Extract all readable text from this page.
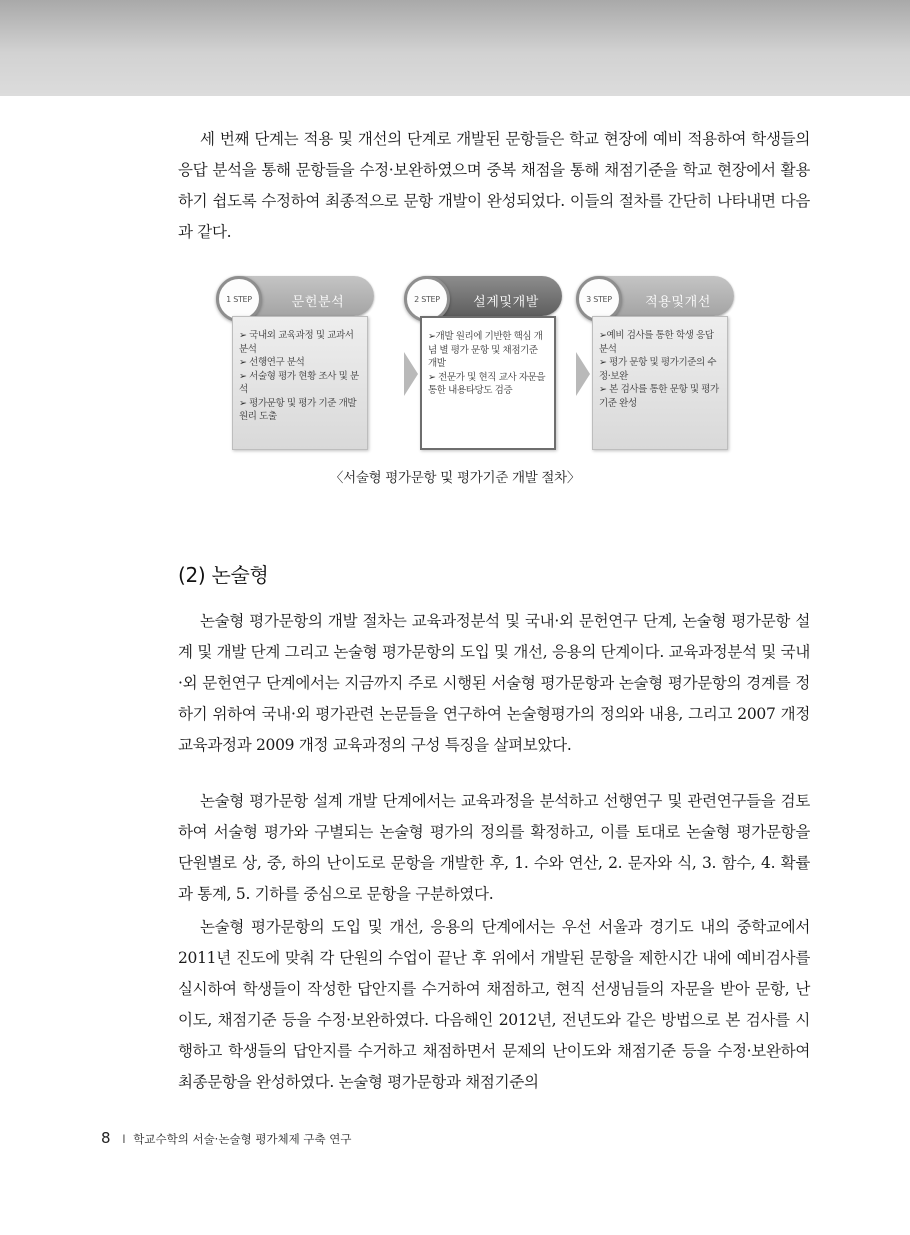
세 번째 단계는 적용 및 개선의 단계로 개발된 문항들은 학교 현장에 예비 적용하여 학생들의 응답 분석을 통해 문항들을 수정·보완하였으며 중복 채점을 통해 채점기준을 학교 현장에서 활용하기 쉽도록 수정하여 최종적으로 문항 개발이 완성되었다. 이들의 절차를 간단히 나타내면 다음과 같다.

1 STEP	문헌분석
➢ 국내외 교육과정 및 교과서 분석
➢ 선행연구 분석
➢ 서술형 평가 현황 조사 및 분석
➢ 평가문항 및 평가 기준 개발원리 도출
2 STEP	설계및개발
➢개발 원리에 기반한 핵심 개념 별 평가 문항 및 채점기준 개발
➢ 전문가 및 현직 교사 자문을 통한 내용타당도 검증
3 STEP	적용및개선
➢예비 검사를 통한 학생 응답 분석
➢ 평가 문항 및 평가기준의 수정·보완
➢ 본 검사를 통한 문항 및 평가기준 완성
〈서술형 평가문항 및 평가기준 개발 절차〉
(2) 논술형

논술형 평가문항의 개발 절차는 교육과정분석 및 국내·외 문헌연구 단계, 논술형 평가문항 설계 및 개발 단계 그리고 논술형 평가문항의 도입 및 개선, 응용의 단계이다. 교육과정분석 및 국내·외 문헌연구 단계에서는 지금까지 주로 시행된 서술형 평가문항과 논술형 평가문항의 경계를 정하기 위하여 국내·외 평가관련 논문들을 연구하여 논술형평가의 정의와 내용, 그리고 2007 개정 교육과정과 2009 개정 교육과정의 구성 특징을 살펴보았다.

논술형 평가문항 설계 개발 단계에서는 교육과정을 분석하고 선행연구 및 관련연구들을 검토하여 서술형 평가와 구별되는 논술형 평가의 정의를 확정하고, 이를 토대로 논술형 평가문항을 단원별로 상, 중, 하의 난이도로 문항을 개발한 후, 1. 수와 연산, 2. 문자와 식, 3. 함수, 4. 확률과 통계, 5. 기하를 중심으로 문항을 구분하였다.

논술형 평가문항의 도입 및 개선, 응용의 단계에서는 우선 서울과 경기도 내의 중학교에서 2011년 진도에 맞춰 각 단원의 수업이 끝난 후 위에서 개발된 문항을 제한시간 내에 예비검사를 실시하여 학생들이 작성한 답안지를 수거하여 채점하고, 현직 선생님들의 자문을 받아 문항, 난이도, 채점기준 등을 수정·보완하였다. 다음해인 2012년, 전년도와 같은 방법으로 본 검사를 시행하고 학생들의 답안지를 수거하고 채점하면서 문제의 난이도와 채점기준 등을 수정·보완하여 최종문항을 완성하였다. 논술형 평가문항과 채점기준의

8 I 학교수학의 서술·논술형 평가체제 구축 연구
